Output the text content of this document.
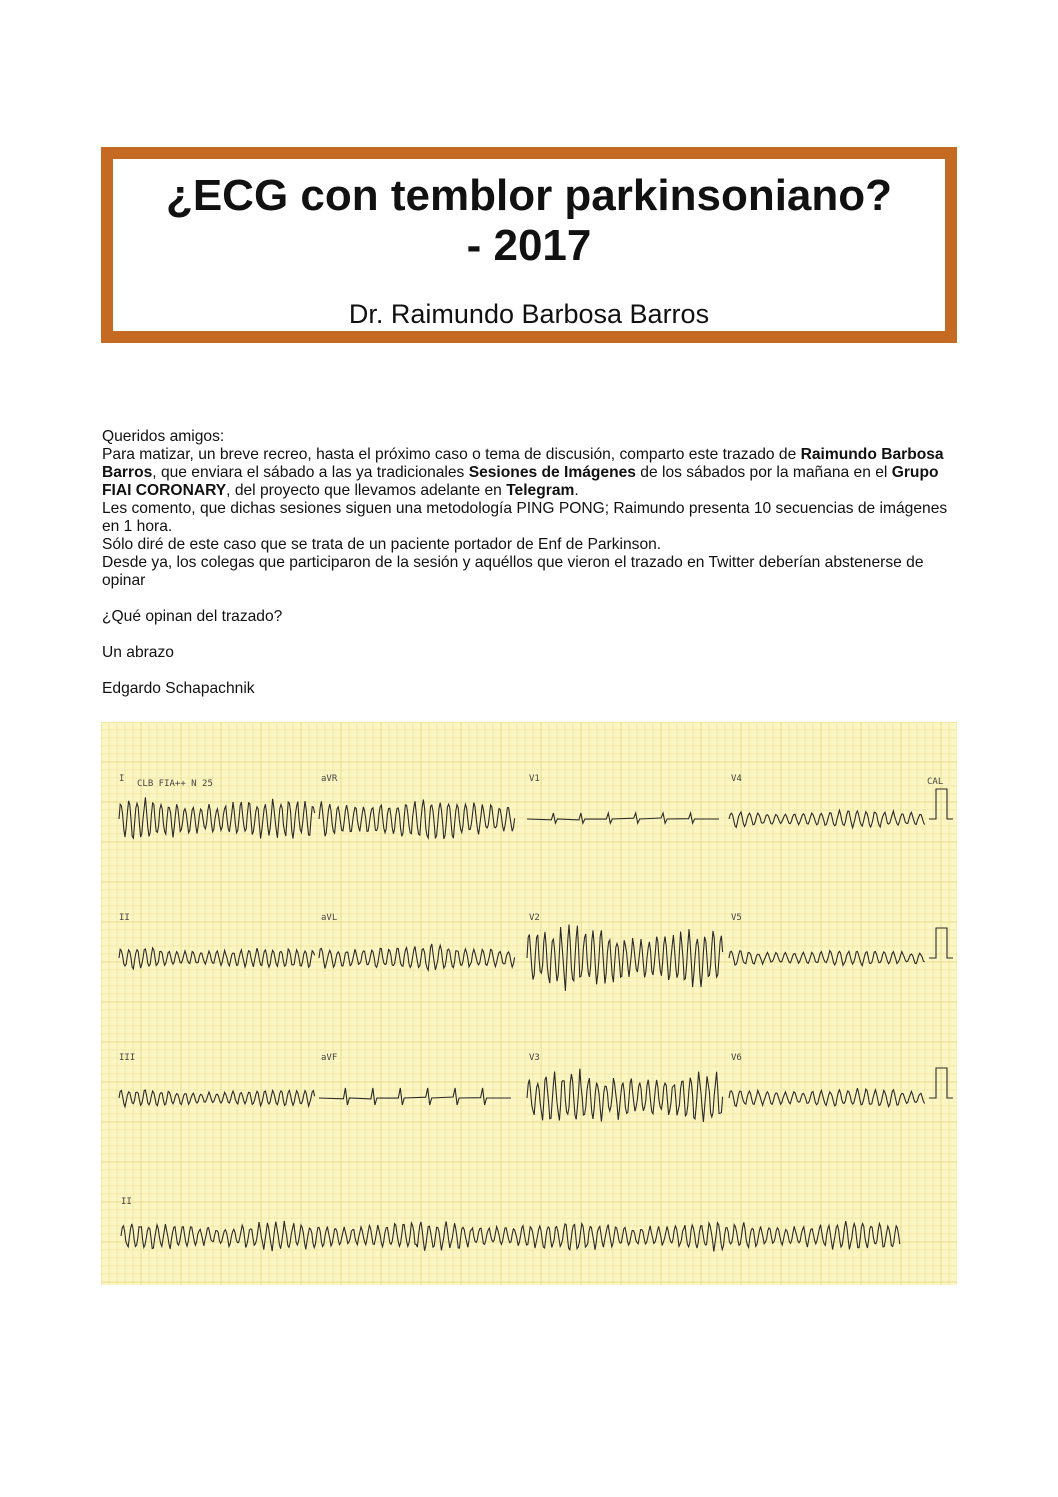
¿ECG con temblor parkinsoniano?
- 2017
Dr. Raimundo Barbosa Barros

Queridos amigos:

Para matizar, un breve recreo, hasta el próximo caso o tema de discusión, comparto este trazado de Raimundo Barbosa Barros, que enviara el sábado a las ya tradicionales Sesiones de Imágenes de los sábados por la mañana en el Grupo FIAI CORONARY, del proyecto que llevamos adelante en Telegram.

Les comento, que dichas sesiones siguen una metodología PING PONG; Raimundo presenta 10 secuencias de imágenes en 1 hora.

Sólo diré de este caso que se trata de un paciente portador de Enf de Parkinson.

Desde ya, los colegas que participaron de la sesión y aquéllos que vieron el trazado en Twitter deberían abstenerse de opinar

¿Qué opinan del trazado?

Un abrazo

Edgardo Schapachnik

I	aVR	V1	V4
II	aVL	V2	V5
III	aVF	V3	V6
II
CLB FIA++ N 25	CAL
